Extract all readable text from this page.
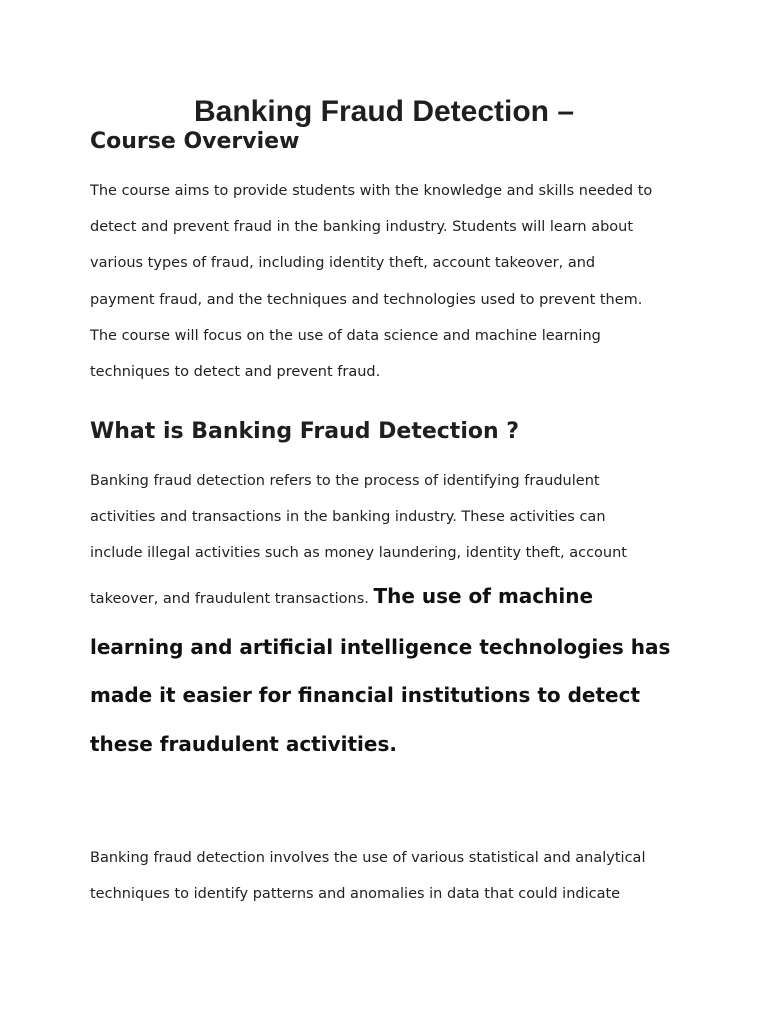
Banking Fraud Detection –
Course Overview

The course aims to provide students with the knowledge and skills needed to
detect and prevent fraud in the banking industry. Students will learn about
various types of fraud, including identity theft, account takeover, and
payment fraud, and the techniques and technologies used to prevent them.
The course will focus on the use of data science and machine learning
techniques to detect and prevent fraud.

What is Banking Fraud Detection ?
Banking fraud detection refers to the process of identifying fraudulent
activities and transactions in the banking industry. These activities can
include illegal activities such as money laundering, identity theft, account
takeover, and fraudulent transactions. The use of machine
learning and artificial intelligence technologies has
made it easier for financial institutions to detect
these fraudulent activities.

Banking fraud detection involves the use of various statistical and analytical
techniques to identify patterns and anomalies in data that could indicate
